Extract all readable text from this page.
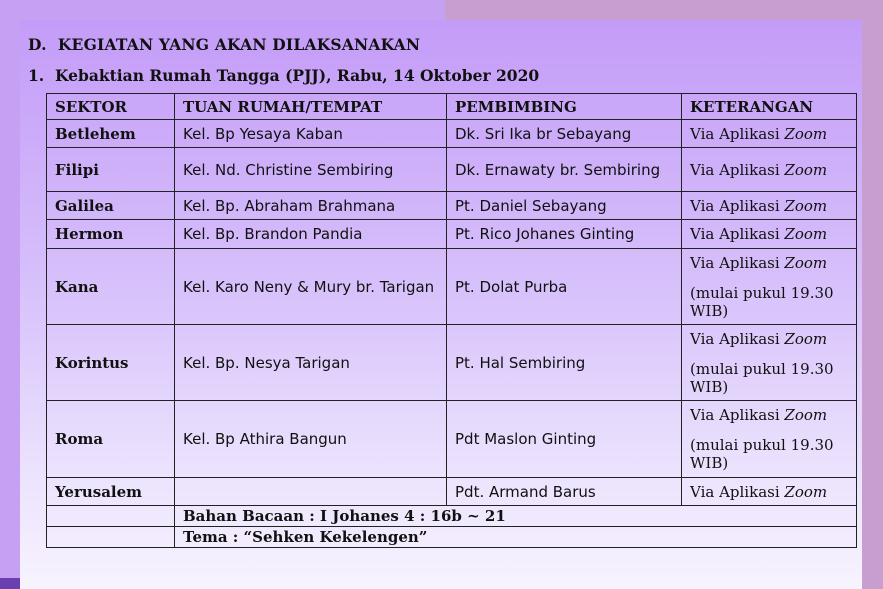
D. KEGIATAN YANG AKAN DILAKSANAKAN
1. Kebaktian Rumah Tangga (PJJ), Rabu, 14 Oktober 2020
SEKTOR	TUAN RUMAH/TEMPAT	PEMBIMBING	KETERANGAN
Betlehem	Kel. Bp Yesaya Kaban	Dk. Sri Ika br Sebayang	Via Aplikasi Zoom
Filipi	Kel. Nd. Christine Sembiring	Dk. Ernawaty br. Sembiring	Via Aplikasi Zoom
Galilea	Kel. Bp. Abraham Brahmana	Pt. Daniel Sebayang	Via Aplikasi Zoom
Hermon	Kel. Bp. Brandon Pandia	Pt. Rico Johanes Ginting	Via Aplikasi Zoom
Kana	Kel. Karo Neny & Mury br. Tarigan	Pt. Dolat Purba	Via Aplikasi Zoom
(mulai pukul 19.30 WIB)

Korintus	Kel. Bp. Nesya Tarigan	Pt. Hal Sembiring	Via Aplikasi Zoom
(mulai pukul 19.30 WIB)

Roma	Kel. Bp Athira Bangun	Pdt Maslon Ginting	Via Aplikasi Zoom
(mulai pukul 19.30 WIB)

Yerusalem		Pdt. Armand Barus	Via Aplikasi Zoom
	Bahan Bacaan : I Johanes 4 : 16b ~ 21		
	Tema : “Sehken Kekelengen”		
